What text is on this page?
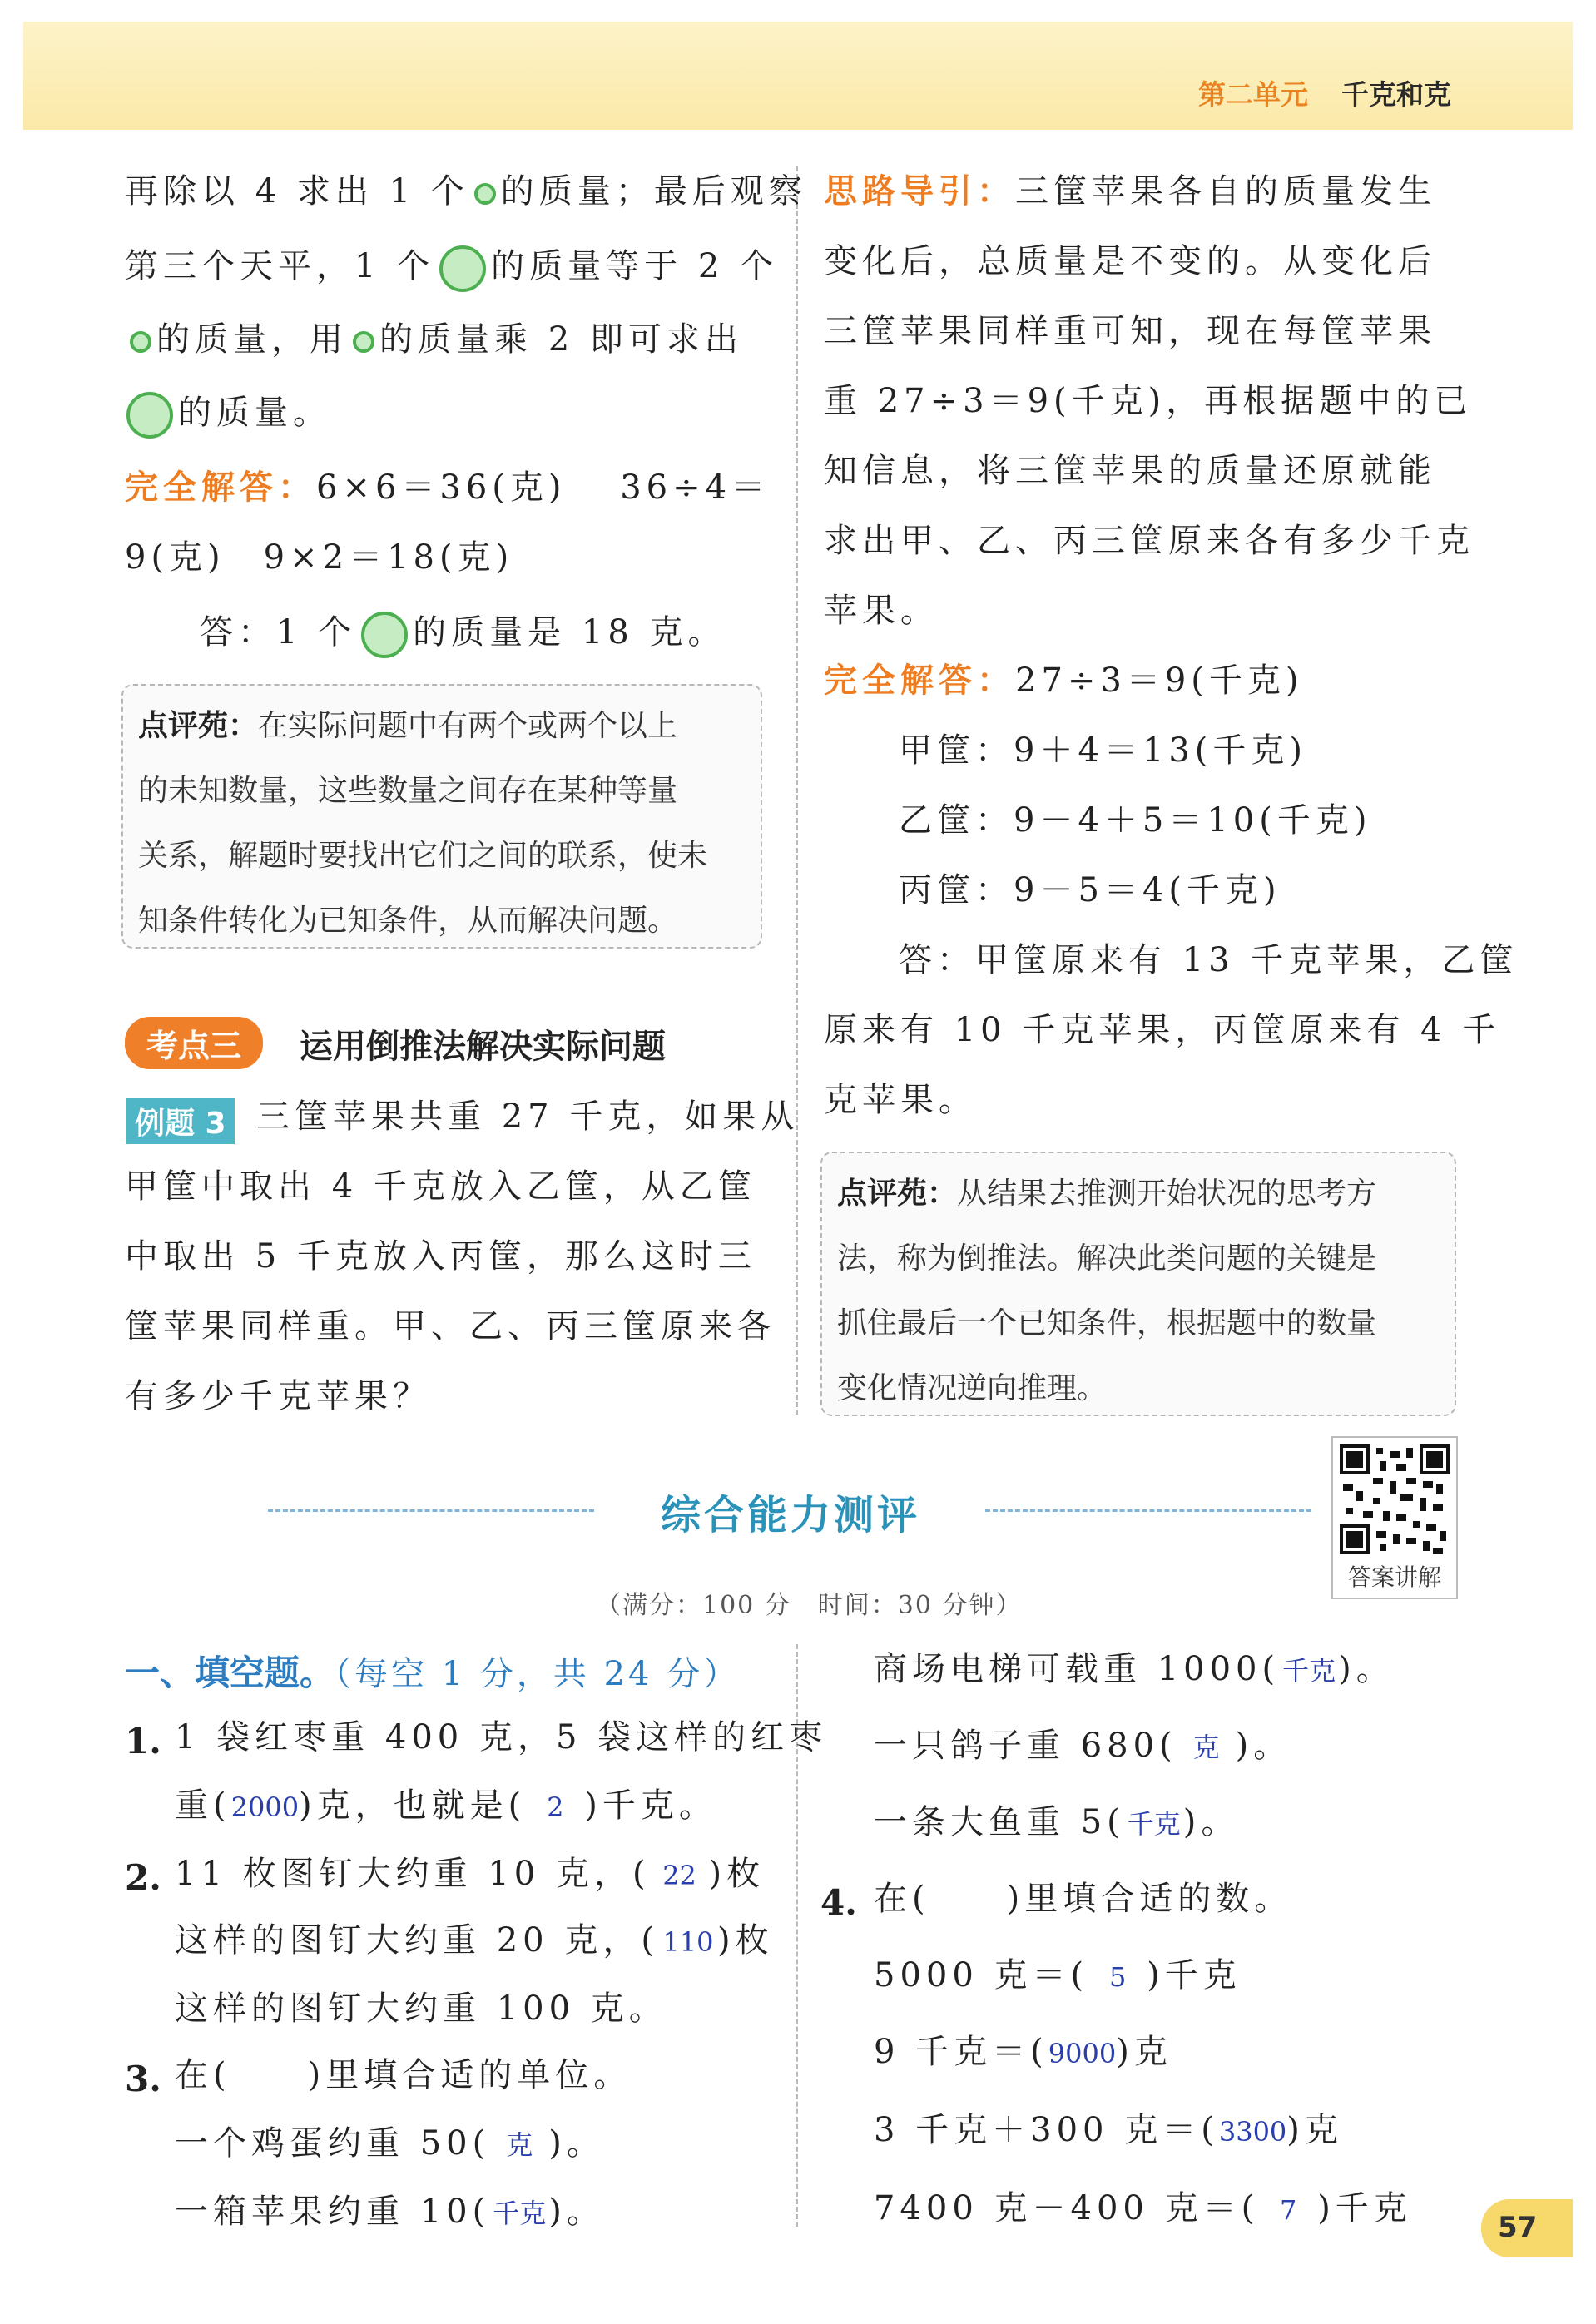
第二单元 千克和克
再除以 4 求出 1 个 的质量；最后观察
第三个天平，1 个 的质量等于 2 个
的质量，用 的质量乘 2 即可求出
的质量。
完全解答：6×6＝36(克)　 36÷4＝
9(克)　9×2＝18(克)
答：1 个 的质量是 18 克。
点评苑：在实际问题中有两个或两个以上
的未知数量，这些数量之间存在某种等量
关系，解题时要找出它们之间的联系，使未
知条件转化为已知条件，从而解决问题。
考点三	运用倒推法解决实际问题
例题 3 三筐苹果共重 27 千克，如果从
甲筐中取出 4 千克放入乙筐，从乙筐
中取出 5 千克放入丙筐，那么这时三
筐苹果同样重。甲、乙、丙三筐原来各
有多少千克苹果？
思路导引：三筐苹果各自的质量发生
变化后，总质量是不变的。从变化后
三筐苹果同样重可知，现在每筐苹果
重 27÷3＝9(千克)，再根据题中的已
知信息，将三筐苹果的质量还原就能
求出甲、乙、丙三筐原来各有多少千克
苹果。
完全解答：27÷3＝9(千克)
甲筐：9＋4＝13(千克)
乙筐：9－4＋5＝10(千克)
丙筐：9－5＝4(千克)
答：甲筐原来有 13 千克苹果，乙筐
原来有 10 千克苹果，丙筐原来有 4 千
克苹果。
点评苑：从结果去推测开始状况的思考方
法，称为倒推法。解决此类问题的关键是
抓住最后一个已知条件，根据题中的数量
变化情况逆向推理。
综合能力测评
（满分：100 分　时间：30 分钟）
答案讲解
一、填空题。（每空 1 分，共 24 分）
1. 1 袋红枣重 400 克，5 袋这样的红枣
重(2000)克，也就是( 2 )千克。
2. 11 枚图钉大约重 10 克，( 22 )枚
这样的图钉大约重 20 克，( 110 )枚
这样的图钉大约重 100 克。
3. 在(　　)里填合适的单位。
一个鸡蛋约重 50( 克 )。
一箱苹果约重 10(千克)。
商场电梯可载重 1000(千克)。
一只鸽子重 680( 克 )。
一条大鱼重 5(千克)。
4. 在(　　)里填合适的数。
5000 克＝( 5 )千克
9 千克＝(9000)克
3 千克＋300 克＝(3300)克
7400 克－400 克＝( 7 )千克	57
